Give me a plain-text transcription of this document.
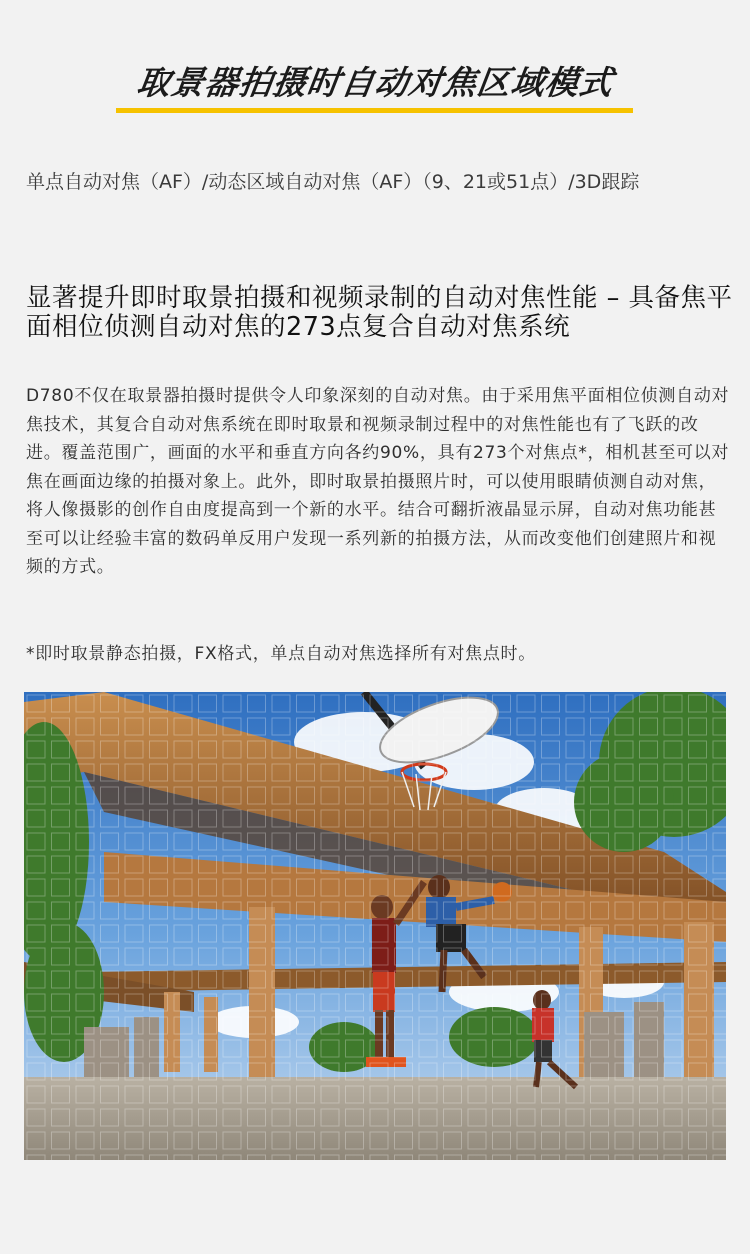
取景器拍摄时自动对焦区域模式
单点自动对焦（AF）/动态区域自动对焦（AF）（9、21或51点）/3D跟踪
显著提升即时取景拍摄和视频录制的自动对焦性能 – 具备焦平面相位侦测自动对焦的273点复合自动对焦系统
D780不仅在取景器拍摄时提供令人印象深刻的自动对焦。由于采用焦平面相位侦测自动对焦技术，其复合自动对焦系统在即时取景和视频录制过程中的对焦性能也有了飞跃的改进。覆盖范围广，画面的水平和垂直方向各约90%，具有273个对焦点*，相机甚至可以对焦在画面边缘的拍摄对象上。此外，即时取景拍摄照片时，可以使用眼睛侦测自动对焦，将人像摄影的创作自由度提高到一个新的水平。结合可翻折液晶显示屏，自动对焦功能甚至可以让经验丰富的数码单反用户发现一系列新的拍摄方法，从而改变他们创建照片和视频的方式。
*即时取景静态拍摄，FX格式，单点自动对焦选择所有对焦点时。
